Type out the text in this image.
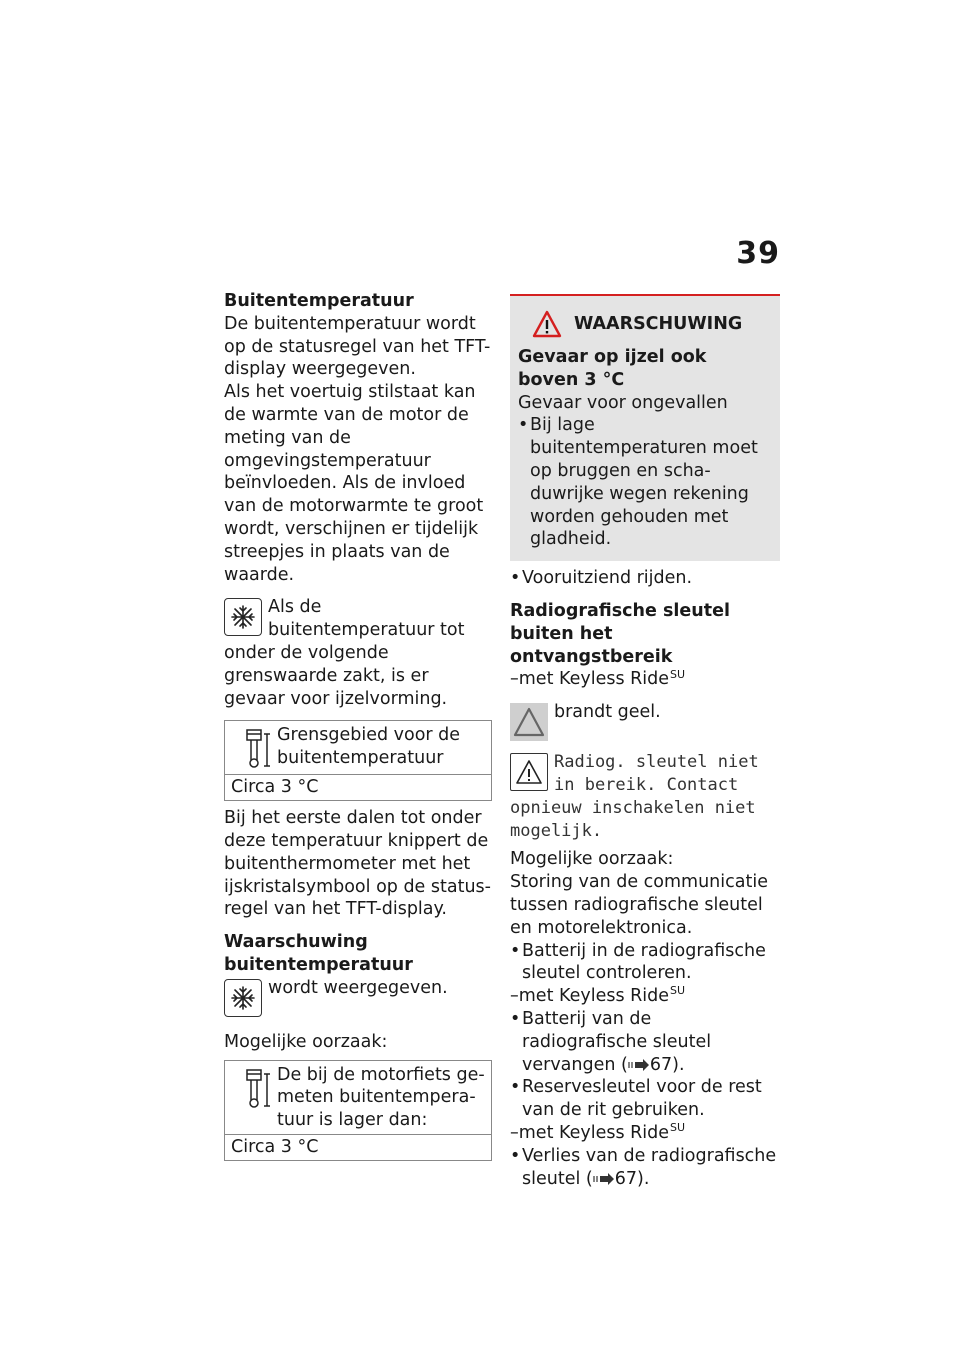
39

Buitentemperatuur

De buitentemperatuur wordt op de statusregel van het TFT-display weergegeven.

Als het voertuig stilstaat kan de warmte van de motor de meting van de omgevingstemperatuur beïnvloeden. Als de invloed van de motorwarmte te groot wordt, verschijnen er tijdelijk streepjes in plaats van de waarde.

Als de buitentemperatuur tot onder de volgende grenswaarde zakt, is er gevaar voor ijzelvorming.

Grensgebied voor de buitentemperatuur

Circa 3 °C

Bij het eerste dalen tot onder deze temperatuur knippert de buitenthermometer met het ijskristalsymbool op de statusregel van het TFT-display.

Waarschuwing buitentemperatuur

wordt weergegeven.

Mogelijke oorzaak:

De bij de motorfiets gemeten buitentemperatuur is lager dan:

Circa 3 °C
WAARSCHUWING

Gevaar op ijzel ook boven 3 °C

Gevaar voor ongevallen

• Bij lage buitentemperaturen moet op bruggen en schaduwrijke wegen rekening worden gehouden met gladheid.

• Vooruitziend rijden.

Radiografische sleutel buiten het ontvangstbereik

–met Keyless Ride$^{SU}$

brandt geel.

Radiog. sleutel niet in bereik. Contact opnieuw inschakelen niet mogelijk.

Mogelijke oorzaak:

Storing van de communicatie tussen radiografische sleutel en motorelektronica.

• Batterij in de radiografische sleutel controleren.

–met Keyless Ride$^{SU}$

• Batterij van de radiografische sleutel vervangen ( 67).

• Reservesleutel voor de rest van de rit gebruiken.

–met Keyless Ride$^{SU}$

• Verlies van de radiografische sleutel ( 67).
